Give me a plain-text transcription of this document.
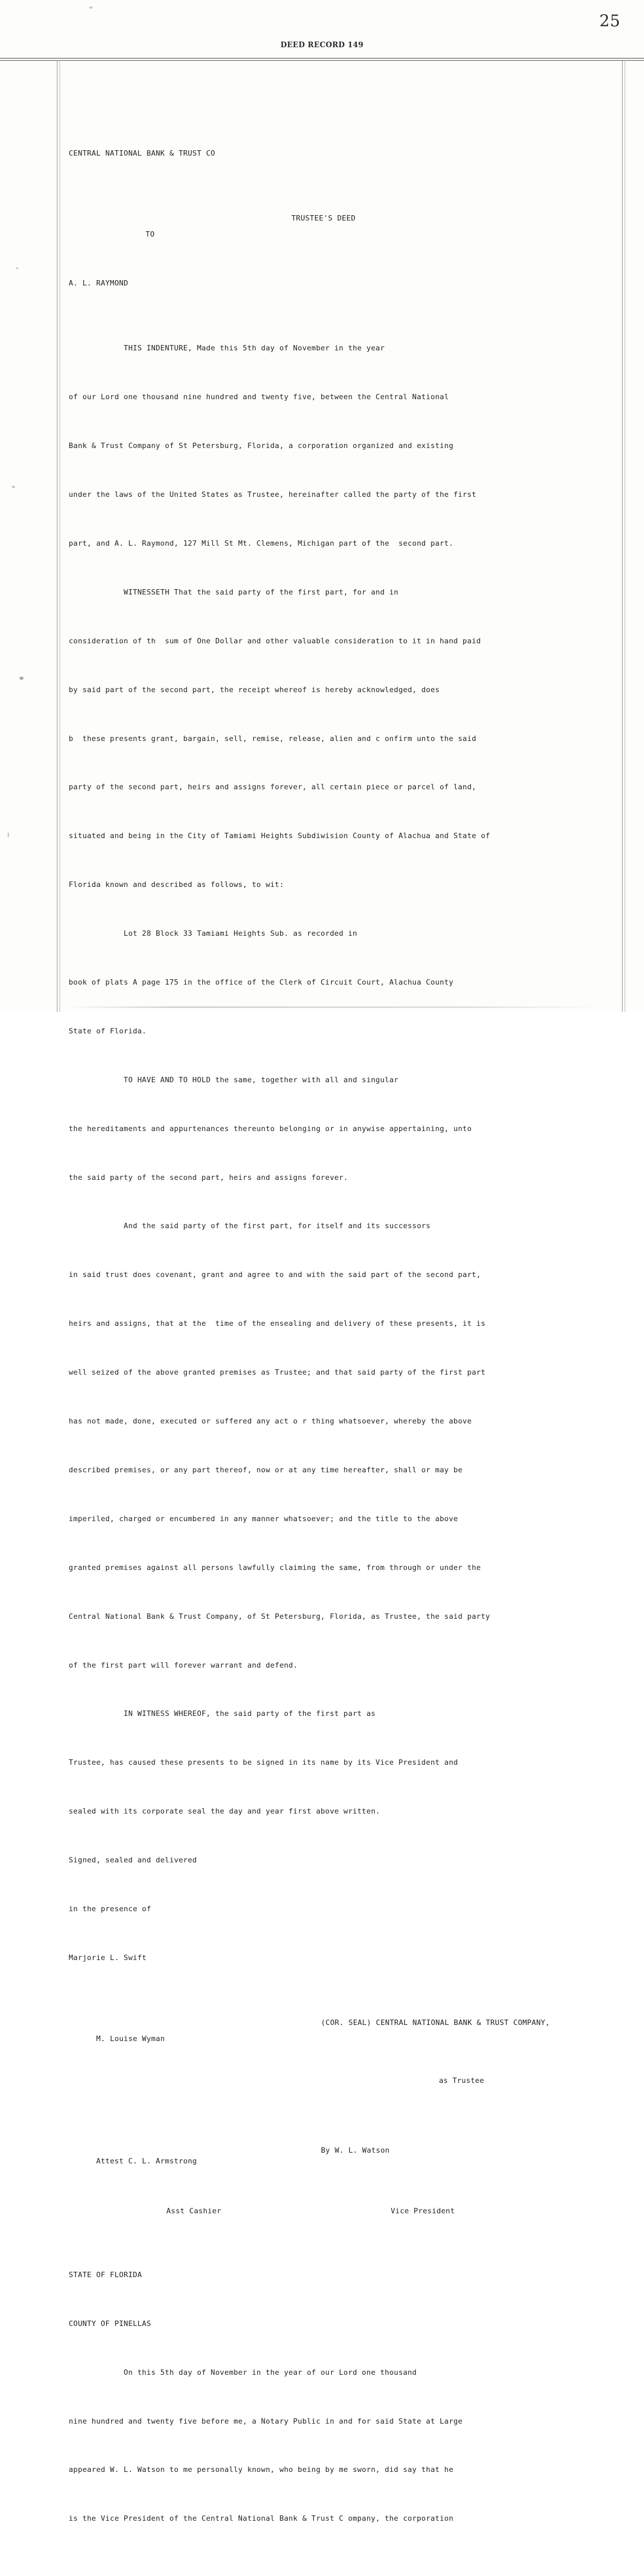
25
DEED RECORD 149

CENTRAL NATIONAL BANK & TRUST CO

TO

TRUSTEE'S DEED

A. L. RAYMOND

THIS INDENTURE, Made this 5th day of November in the year

of our Lord one thousand nine hundred and twenty five, between the Central National

Bank & Trust Company of St Petersburg, Florida, a corporation organized and existing

under the laws of the United States as Trustee, hereinafter called the party of the first

part, and A. L. Raymond, 127 Mill St Mt. Clemens, Michigan part of the  second part.

WITNESSETH That the said party of the first part, for and in

consideration of th  sum of One Dollar and other valuable consideration to it in hand paid

by said part of the second part, the receipt whereof is hereby acknowledged, does

b  these presents grant, bargain, sell, remise, release, alien and c onfirm unto the said

party of the second part, heirs and assigns forever, all certain piece or parcel of land,

situated and being in the City of Tamiami Heights Subdiwision County of Alachua and State of

Florida known and described as follows, to wit:

Lot 28 Block 33 Tamiami Heights Sub. as recorded in

book of plats A page 175 in the office of the Clerk of Circuit Court, Alachua County

State of Florida.

TO HAVE AND TO HOLD the same, together with all and singular

the hereditaments and appurtenances thereunto belonging or in anywise appertaining, unto

the said party of the second part, heirs and assigns forever.

And the said party of the first part, for itself and its successors

in said trust does covenant, grant and agree to and with the said part of the second part,

heirs and assigns, that at the  time of the ensealing and delivery of these presents, it is

well seized of the above granted premises as Trustee; and that said party of the first part

has not made, done, executed or suffered any act o r thing whatsoever, whereby the above

described premises, or any part thereof, now or at any time hereafter, shall or may be

imperiled, charged or encumbered in any manner whatsoever; and the title to the above

granted premises against all persons lawfully claiming the same, from through or under the

Central National Bank & Trust Company, of St Petersburg, Florida, as Trustee, the said party

of the first part will forever warrant and defend.

IN WITNESS WHEREOF, the said party of the first part as

Trustee, has caused these presents to be signed in its name by its Vice President and

sealed with its corporate seal the day and year first above written.

Signed, sealed and delivered

in the presence of

Marjorie L. Swift

M. Louise Wyman

(COR. SEAL) CENTRAL NATIONAL BANK & TRUST COMPANY,

as Trustee

Attest C. L. Armstrong

By W. L. Watson

Asst Cashier

	Vice President

STATE OF FLORIDA

COUNTY OF PINELLAS

On this 5th day of November in the year of our Lord one thousand

nine hundred and twenty five before me, a Notary Public in and for said State at Large

appeared W. L. Watson to me personally known, who being by me sworn, did say that he

is the Vice President of the Central National Bank & Trust C ompany, the corporation
